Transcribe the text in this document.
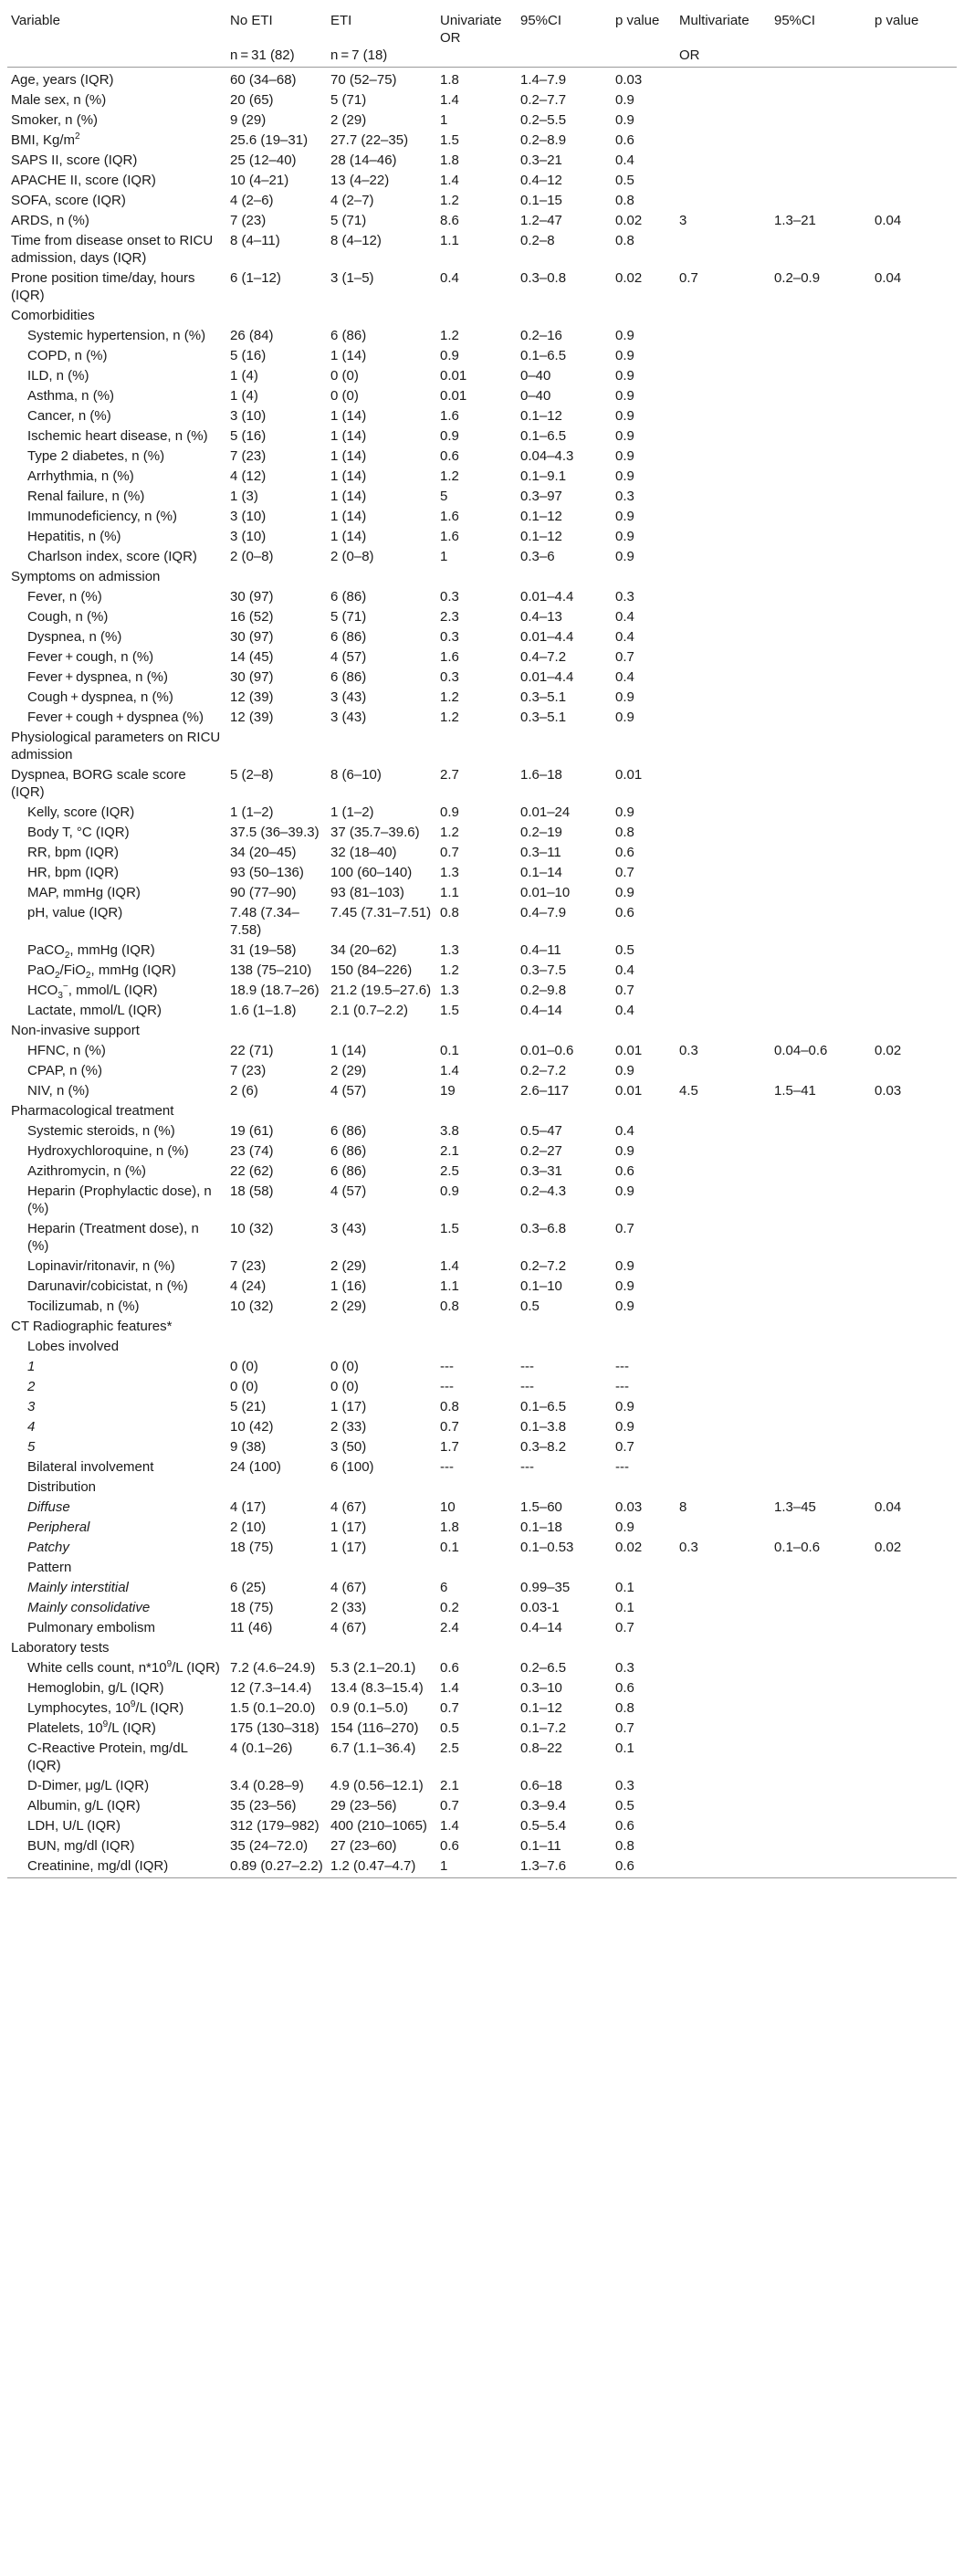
Variable	No ETI	ETI	Univariate OR	95%CI	p value	Multivariate	95%CI	p value
	n = 31 (82)	n = 7 (18)				OR		
Age, years (IQR)	60 (34–68)	70 (52–75)	1.8	1.4–7.9	0.03			
Male sex, n (%)	20 (65)	5 (71)	1.4	0.2–7.7	0.9			
Smoker, n (%)	9 (29)	2 (29)	1	0.2–5.5	0.9			
BMI, $Kg/m^2$	25.6 (19–31)	27.7 (22–35)	1.5	0.2–8.9	0.6			
SAPS II, score (IQR)	25 (12–40)	28 (14–46)	1.8	0.3–21	0.4			
APACHE II, score (IQR)	10 (4–21)	13 (4–22)	1.4	0.4–12	0.5			
SOFA, score (IQR)	4 (2–6)	4 (2–7)	1.2	0.1–15	0.8			
ARDS, n (%)	7 (23)	5 (71)	8.6	1.2–47	0.02	3	1.3–21	0.04
Time from disease onset to RICU admission, days (IQR)	8 (4–11)	8 (4–12)	1.1	0.2–8	0.8			
Prone position time/day, hours (IQR)	6 (1–12)	3 (1–5)	0.4	0.3–0.8	0.02	0.7	0.2–0.9	0.04
Comorbidities								
Systemic hypertension, n (%)	26 (84)	6 (86)	1.2	0.2–16	0.9			
COPD, n (%)	5 (16)	1 (14)	0.9	0.1–6.5	0.9			
ILD, n (%)	1 (4)	0 (0)	0.01	0–40	0.9			
Asthma, n (%)	1 (4)	0 (0)	0.01	0–40	0.9			
Cancer, n (%)	3 (10)	1 (14)	1.6	0.1–12	0.9			
Ischemic heart disease, n (%)	5 (16)	1 (14)	0.9	0.1–6.5	0.9			
Type 2 diabetes, n (%)	7 (23)	1 (14)	0.6	0.04–4.3	0.9			
Arrhythmia, n (%)	4 (12)	1 (14)	1.2	0.1–9.1	0.9			
Renal failure, n (%)	1 (3)	1 (14)	5	0.3–97	0.3			
Immunodeficiency, n (%)	3 (10)	1 (14)	1.6	0.1–12	0.9			
Hepatitis, n (%)	3 (10)	1 (14)	1.6	0.1–12	0.9			
Charlson index, score (IQR)	2 (0–8)	2 (0–8)	1	0.3–6	0.9			
Symptoms on admission								
Fever, n (%)	30 (97)	6 (86)	0.3	0.01–4.4	0.3			
Cough, n (%)	16 (52)	5 (71)	2.3	0.4–13	0.4			
Dyspnea, n (%)	30 (97)	6 (86)	0.3	0.01–4.4	0.4			
Fever + cough, n (%)	14 (45)	4 (57)	1.6	0.4–7.2	0.7			
Fever + dyspnea, n (%)	30 (97)	6 (86)	0.3	0.01–4.4	0.4			
Cough + dyspnea, n (%)	12 (39)	3 (43)	1.2	0.3–5.1	0.9			
Fever + cough + dyspnea (%)	12 (39)	3 (43)	1.2	0.3–5.1	0.9			
Physiological parameters on RICU admission								
Dyspnea, BORG scale score (IQR)	5 (2–8)	8 (6–10)	2.7	1.6–18	0.01			
Kelly, score (IQR)	1 (1–2)	1 (1–2)	0.9	0.01–24	0.9			
Body T, °C (IQR)	37.5 (36–39.3)	37 (35.7–39.6)	1.2	0.2–19	0.8			
RR, bpm (IQR)	34 (20–45)	32 (18–40)	0.7	0.3–11	0.6			
HR, bpm (IQR)	93 (50–136)	100 (60–140)	1.3	0.1–14	0.7			
MAP, mmHg (IQR)	90 (77–90)	93 (81–103)	1.1	0.01–10	0.9			
pH, value (IQR)	7.48 (7.34–7.58)	7.45 (7.31–7.51)	0.8	0.4–7.9	0.6			
PaCO$_2$, mmHg (IQR)	31 (19–58)	34 (20–62)	1.3	0.4–11	0.5			
PaO$_2$/FiO$_2$, mmHg (IQR)	138 (75–210)	150 (84–226)	1.2	0.3–7.5	0.4			
$HCO_3^-$, mmol/L (IQR)	18.9 (18.7–26)	21.2 (19.5–27.6)	1.3	0.2–9.8	0.7			
Lactate, mmol/L (IQR)	1.6 (1–1.8)	2.1 (0.7–2.2)	1.5	0.4–14	0.4			
Non-invasive support								
HFNC, n (%)	22 (71)	1 (14)	0.1	0.01–0.6	0.01	0.3	0.04–0.6	0.02
CPAP, n (%)	7 (23)	2 (29)	1.4	0.2–7.2	0.9			
NIV, n (%)	2 (6)	4 (57)	19	2.6–117	0.01	4.5	1.5–41	0.03
Pharmacological treatment								
Systemic steroids, n (%)	19 (61)	6 (86)	3.8	0.5–47	0.4			
Hydroxychloroquine, n (%)	23 (74)	6 (86)	2.1	0.2–27	0.9			
Azithromycin, n (%)	22 (62)	6 (86)	2.5	0.3–31	0.6			
Heparin (Prophylactic dose), n (%)	18 (58)	4 (57)	0.9	0.2–4.3	0.9			
Heparin (Treatment dose), n (%)	10 (32)	3 (43)	1.5	0.3–6.8	0.7			
Lopinavir/ritonavir, n (%)	7 (23)	2 (29)	1.4	0.2–7.2	0.9			
Darunavir/cobicistat, n (%)	4 (24)	1 (16)	1.1	0.1–10	0.9			
Tocilizumab, n (%)	10 (32)	2 (29)	0.8	0.5	0.9			
CT Radiographic features*								
Lobes involved								
1	0 (0)	0 (0)	---	---	---			
2	0 (0)	0 (0)	---	---	---			
3	5 (21)	1 (17)	0.8	0.1–6.5	0.9			
4	10 (42)	2 (33)	0.7	0.1–3.8	0.9			
5	9 (38)	3 (50)	1.7	0.3–8.2	0.7			
Bilateral involvement	24 (100)	6 (100)	---	---	---			
Distribution								
Diffuse	4 (17)	4 (67)	10	1.5–60	0.03	8	1.3–45	0.04
Peripheral	2 (10)	1 (17)	1.8	0.1–18	0.9			
Patchy	18 (75)	1 (17)	0.1	0.1–0.53	0.02	0.3	0.1–0.6	0.02
Pattern								
Mainly interstitial	6 (25)	4 (67)	6	0.99–35	0.1			
Mainly consolidative	18 (75)	2 (33)	0.2	0.03-1	0.1			
Pulmonary embolism	11 (46)	4 (67)	2.4	0.4–14	0.7			
Laboratory tests								
White cells count, $n*10^9/L$ (IQR)	7.2 (4.6–24.9)	5.3 (2.1–20.1)	0.6	0.2–6.5	0.3			
Hemoglobin, g/L (IQR)	12 (7.3–14.4)	13.4 (8.3–15.4)	1.4	0.3–10	0.6			
Lymphocytes, $10^9/L$ (IQR)	1.5 (0.1–20.0)	0.9 (0.1–5.0)	0.7	0.1–12	0.8			
Platelets, $10^9/L$ (IQR)	175 (130–318)	154 (116–270)	0.5	0.1–7.2	0.7			
C-Reactive Protein, mg/dL (IQR)	4 (0.1–26)	6.7 (1.1–36.4)	2.5	0.8–22	0.1			
D-Dimer, μg/L (IQR)	3.4 (0.28–9)	4.9 (0.56–12.1)	2.1	0.6–18	0.3			
Albumin, g/L (IQR)	35 (23–56)	29 (23–56)	0.7	0.3–9.4	0.5			
LDH, U/L (IQR)	312 (179–982)	400 (210–1065)	1.4	0.5–5.4	0.6			
BUN, mg/dl (IQR)	35 (24–72.0)	27 (23–60)	0.6	0.1–11	0.8			
Creatinine, mg/dl (IQR)	0.89 (0.27–2.2)	1.2 (0.47–4.7)	1	1.3–7.6	0.6			
